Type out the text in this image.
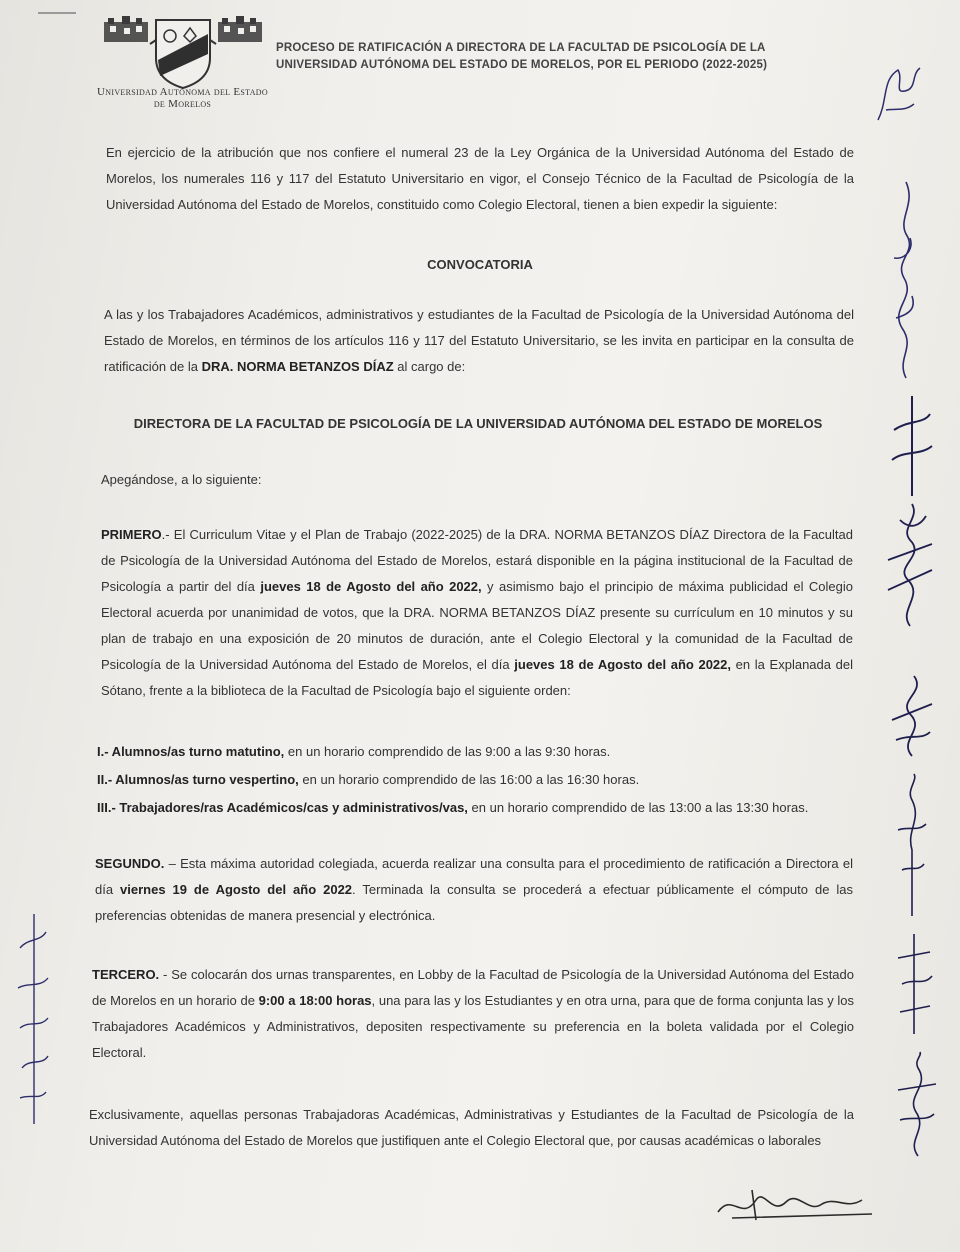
Universidad Autónoma del Estado de Morelos
PROCESO DE RATIFICACIÓN A DIRECTORA DE LA FACULTAD DE PSICOLOGÍA DE LA
UNIVERSIDAD AUTÓNOMA DEL ESTADO DE MORELOS, POR EL PERIODO (2022-2025)
En ejercicio de la atribución que nos confiere el numeral 23 de la Ley Orgánica de la Universidad Autónoma del Estado de Morelos, los numerales 116 y 117 del Estatuto Universitario en vigor, el Consejo Técnico de la Facultad de Psicología de la Universidad Autónoma del Estado de Morelos, constituido como Colegio Electoral, tienen a bien expedir la siguiente:
CONVOCATORIA
A las y los Trabajadores Académicos, administrativos y estudiantes de la Facultad de Psicología de la Universidad Autónoma del Estado de Morelos, en términos de los artículos 116 y 117 del Estatuto Universitario, se les invita en participar en la consulta de ratificación de la DRA. NORMA BETANZOS DÍAZ al cargo de:
DIRECTORA DE LA FACULTAD DE PSICOLOGÍA DE LA UNIVERSIDAD AUTÓNOMA DEL ESTADO DE MORELOS
Apegándose, a lo siguiente:
PRIMERO.- El Curriculum Vitae y el Plan de Trabajo (2022-2025) de la DRA. NORMA BETANZOS DÍAZ Directora de la Facultad de Psicología de la Universidad Autónoma del Estado de Morelos, estará disponible en la página institucional de la Facultad de Psicología a partir del día jueves 18 de Agosto del año 2022, y asimismo bajo el principio de máxima publicidad el Colegio Electoral acuerda por unanimidad de votos, que la DRA. NORMA BETANZOS DÍAZ presente su currículum en 10 minutos y su plan de trabajo en una exposición de 20 minutos de duración, ante el Colegio Electoral y la comunidad de la Facultad de Psicología de la Universidad Autónoma del Estado de Morelos, el día jueves 18 de Agosto del año 2022, en la Explanada del Sótano, frente a la biblioteca de la Facultad de Psicología bajo el siguiente orden:
I.- Alumnos/as turno matutino, en un horario comprendido de las 9:00 a las 9:30 horas.
II.- Alumnos/as turno vespertino, en un horario comprendido de las 16:00 a las 16:30 horas.
III.- Trabajadores/ras Académicos/cas y administrativos/vas, en un horario comprendido de las 13:00 a las 13:30 horas.
SEGUNDO. – Esta máxima autoridad colegiada, acuerda realizar una consulta para el procedimiento de ratificación a Directora el día viernes 19 de Agosto del año 2022. Terminada la consulta se procederá a efectuar públicamente el cómputo de las preferencias obtenidas de manera presencial y electrónica.
TERCERO. - Se colocarán dos urnas transparentes, en Lobby de la Facultad de Psicología de la Universidad Autónoma del Estado de Morelos en un horario de 9:00 a 18:00 horas, una para las y los Estudiantes y en otra urna, para que de forma conjunta las y los Trabajadores Académicos y Administrativos, depositen respectivamente su preferencia en la boleta validada por el Colegio Electoral.
Exclusivamente, aquellas personas Trabajadoras Académicas, Administrativas y Estudiantes de la Facultad de Psicología de la Universidad Autónoma del Estado de Morelos que justifiquen ante el Colegio Electoral que, por causas académicas o laborales
